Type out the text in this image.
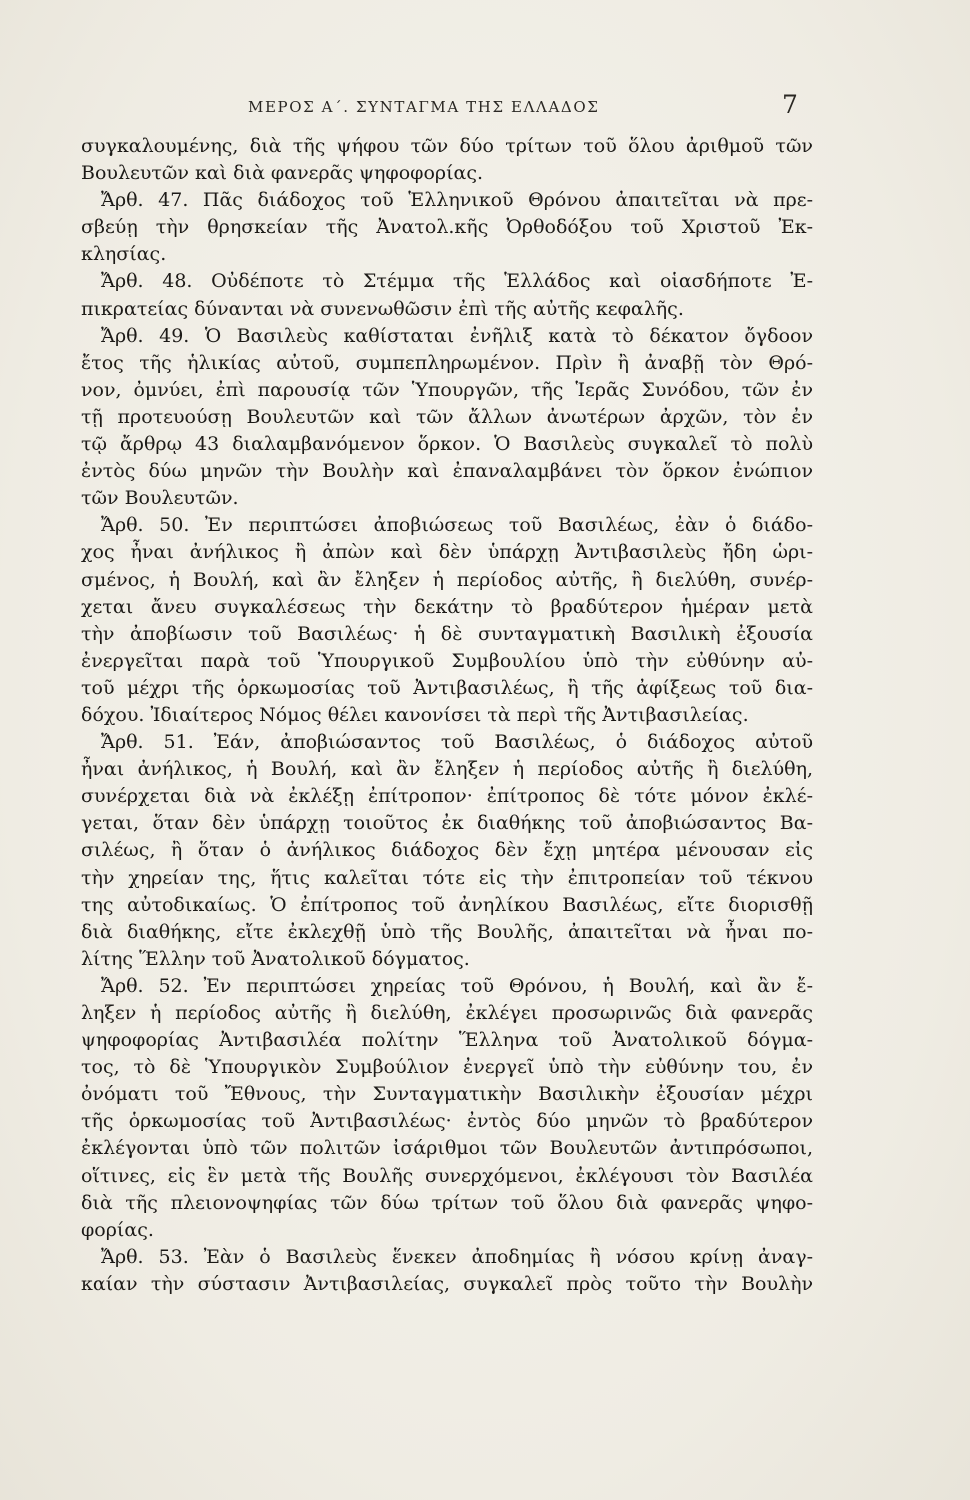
ΜΕΡΟΣ Α΄. ΣΥΝΤΑΓΜΑ ΤΗΣ ΕΛΛΑΔΟΣ	7
συγκαλουμένης, διὰ τῆς ψήφου τῶν δύο τρίτων τοῦ ὅλου ἀριθμοῦ τῶν
Βουλευτῶν καὶ διὰ φανερᾶς ψηφοφορίας.
Ἄρθ. 47. Πᾶς διάδοχος τοῦ Ἑλληνικοῦ Θρόνου ἀπαιτεῖται νὰ πρε-
σβεύῃ τὴν θρησκείαν τῆς Ἀνατολ.κῆς Ὀρθοδόξου τοῦ Χριστοῦ Ἐκ-
κλησίας.
Ἄρθ. 48. Οὐδέποτε τὸ Στέμμα τῆς Ἑλλάδος καὶ οἱασδήποτε Ἐ-
πικρατείας δύνανται νὰ συνενωθῶσιν ἐπὶ τῆς αὐτῆς κεφαλῆς.
Ἄρθ. 49. Ὁ Βασιλεὺς καθίσταται ἐνῆλιξ κατὰ τὸ δέκατον ὄγδοον
ἔτος τῆς ἡλικίας αὐτοῦ, συμπεπληρωμένον. Πρὶν ἢ ἀναβῇ τὸν Θρό-
νον, ὀμνύει, ἐπὶ παρουσίᾳ τῶν Ὑπουργῶν, τῆς Ἱερᾶς Συνόδου, τῶν ἐν
τῇ προτευούσῃ Βουλευτῶν καὶ τῶν ἄλλων ἀνωτέρων ἀρχῶν, τὸν ἐν
τῷ ἄρθρῳ 43 διαλαμβανόμενον ὅρκον. Ὁ Βασιλεὺς συγκαλεῖ τὸ πολὺ
ἐντὸς δύω μηνῶν τὴν Βουλὴν καὶ ἐπαναλαμβάνει τὸν ὅρκον ἐνώπιον
τῶν Βουλευτῶν.
Ἄρθ. 50. Ἐν περιπτώσει ἀποβιώσεως τοῦ Βασιλέως, ἐὰν ὁ διάδο-
χος ἦναι ἀνήλικος ἢ ἀπὼν καὶ δὲν ὑπάρχῃ Ἀντιβασιλεὺς ἤδη ὡρι-
σμένος, ἡ Βουλή, καὶ ἂν ἔληξεν ἡ περίοδος αὐτῆς, ἢ διελύθη, συνέρ-
χεται ἄνευ συγκαλέσεως τὴν δεκάτην τὸ βραδύτερον ἡμέραν μετὰ
τὴν ἀποβίωσιν τοῦ Βασιλέως· ἡ δὲ συνταγματικὴ Βασιλικὴ ἐξουσία
ἐνεργεῖται παρὰ τοῦ Ὑπουργικοῦ Συμβουλίου ὑπὸ τὴν εὐθύνην αὐ-
τοῦ μέχρι τῆς ὁρκωμοσίας τοῦ Ἀντιβασιλέως, ἢ τῆς ἀφίξεως τοῦ δια-
δόχου. Ἰδιαίτερος Νόμος θέλει κανονίσει τὰ περὶ τῆς Ἀντιβασιλείας.
Ἄρθ. 51. Ἐάν, ἀποβιώσαντος τοῦ Βασιλέως, ὁ διάδοχος αὐτοῦ
ἦναι ἀνήλικος, ἡ Βουλή, καὶ ἂν ἔληξεν ἡ περίοδος αὐτῆς ἢ διελύθη,
συνέρχεται διὰ νὰ ἐκλέξῃ ἐπίτροπον· ἐπίτροπος δὲ τότε μόνον ἐκλέ-
γεται, ὅταν δὲν ὑπάρχῃ τοιοῦτος ἐκ διαθήκης τοῦ ἀποβιώσαντος Βα-
σιλέως, ἢ ὅταν ὁ ἀνήλικος διάδοχος δὲν ἔχῃ μητέρα μένουσαν εἰς
τὴν χηρείαν της, ἥτις καλεῖται τότε εἰς τὴν ἐπιτροπείαν τοῦ τέκνου
της αὐτοδικαίως. Ὁ ἐπίτροπος τοῦ ἀνηλίκου Βασιλέως, εἴτε διορισθῇ
διὰ διαθήκης, εἴτε ἐκλεχθῇ ὑπὸ τῆς Βουλῆς, ἀπαιτεῖται νὰ ἦναι πο-
λίτης Ἕλλην τοῦ Ἀνατολικοῦ δόγματος.
Ἄρθ. 52. Ἐν περιπτώσει χηρείας τοῦ Θρόνου, ἡ Βουλή, καὶ ἂν ἔ-
ληξεν ἡ περίοδος αὐτῆς ἢ διελύθη, ἐκλέγει προσωρινῶς διὰ φανερᾶς
ψηφοφορίας Ἀντιβασιλέα πολίτην Ἕλληνα τοῦ Ἀνατολικοῦ δόγμα-
τος, τὸ δὲ Ὑπουργικὸν Συμβούλιον ἐνεργεῖ ὑπὸ τὴν εὐθύνην του, ἐν
ὀνόματι τοῦ Ἔθνους, τὴν Συνταγματικὴν Βασιλικὴν ἐξουσίαν μέχρι
τῆς ὁρκωμοσίας τοῦ Ἀντιβασιλέως· ἐντὸς δύο μηνῶν τὸ βραδύτερον
ἐκλέγονται ὑπὸ τῶν πολιτῶν ἰσάριθμοι τῶν Βουλευτῶν ἀντιπρόσωποι,
οἵτινες, εἰς ἓν μετὰ τῆς Βουλῆς συνερχόμενοι, ἐκλέγουσι τὸν Βασιλέα
διὰ τῆς πλειονοψηφίας τῶν δύω τρίτων τοῦ ὅλου διὰ φανερᾶς ψηφο-
φορίας.
Ἄρθ. 53. Ἐὰν ὁ Βασιλεὺς ἕνεκεν ἀποδημίας ἢ νόσου κρίνῃ ἀναγ-
καίαν τὴν σύστασιν Ἀντιβασιλείας, συγκαλεῖ πρὸς τοῦτο τὴν Βουλὴν
